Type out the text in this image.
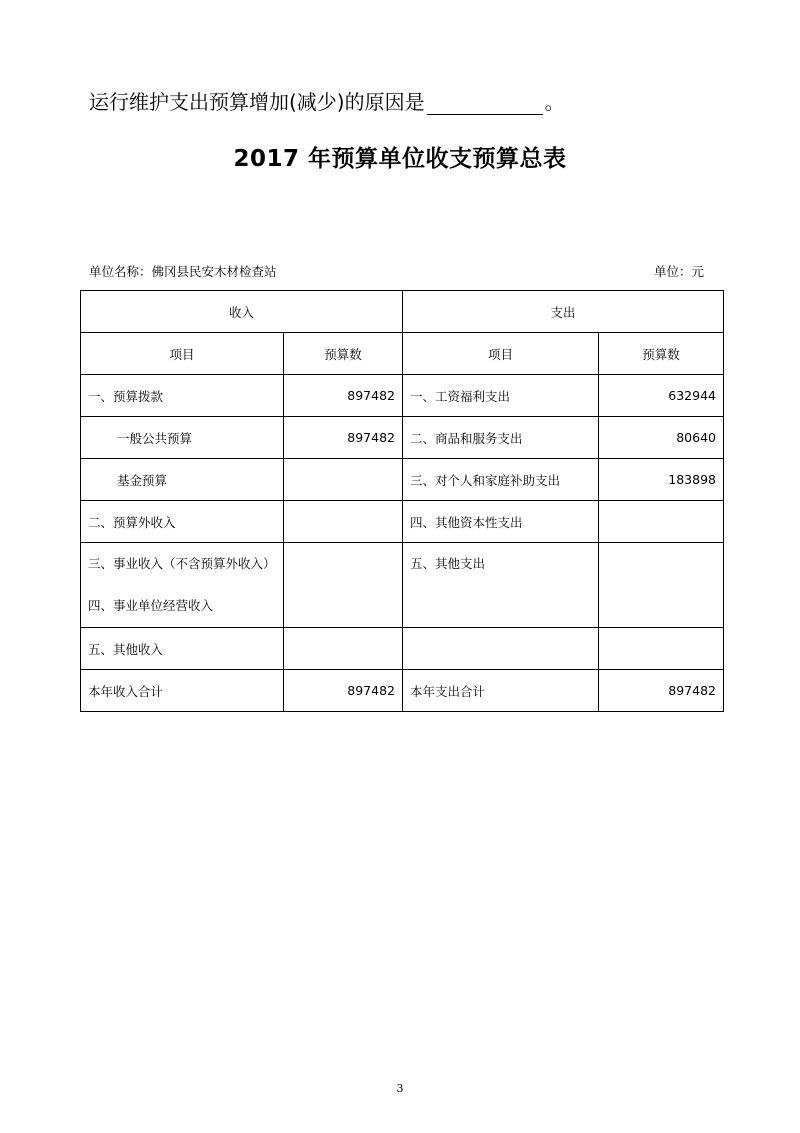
运行维护支出预算增加(减少)的原因是	。
2017 年预算单位收支预算总表
单位名称：佛冈县民安木材检查站	单位：元
收入		支出	
项目	预算数	项目	预算数
一、预算拨款	897482	一、工资福利支出	632944
一般公共预算	897482	二、商品和服务支出	80640
基金预算		三、对个人和家庭补助支出	183898
二、预算外收入		四、其他资本性支出	

三、事业收入（不含预算外收入）
四、事业单位经营收入		五、其他支出	

五、其他收入			
本年收入合计	897482	本年支出合计	897482
3
